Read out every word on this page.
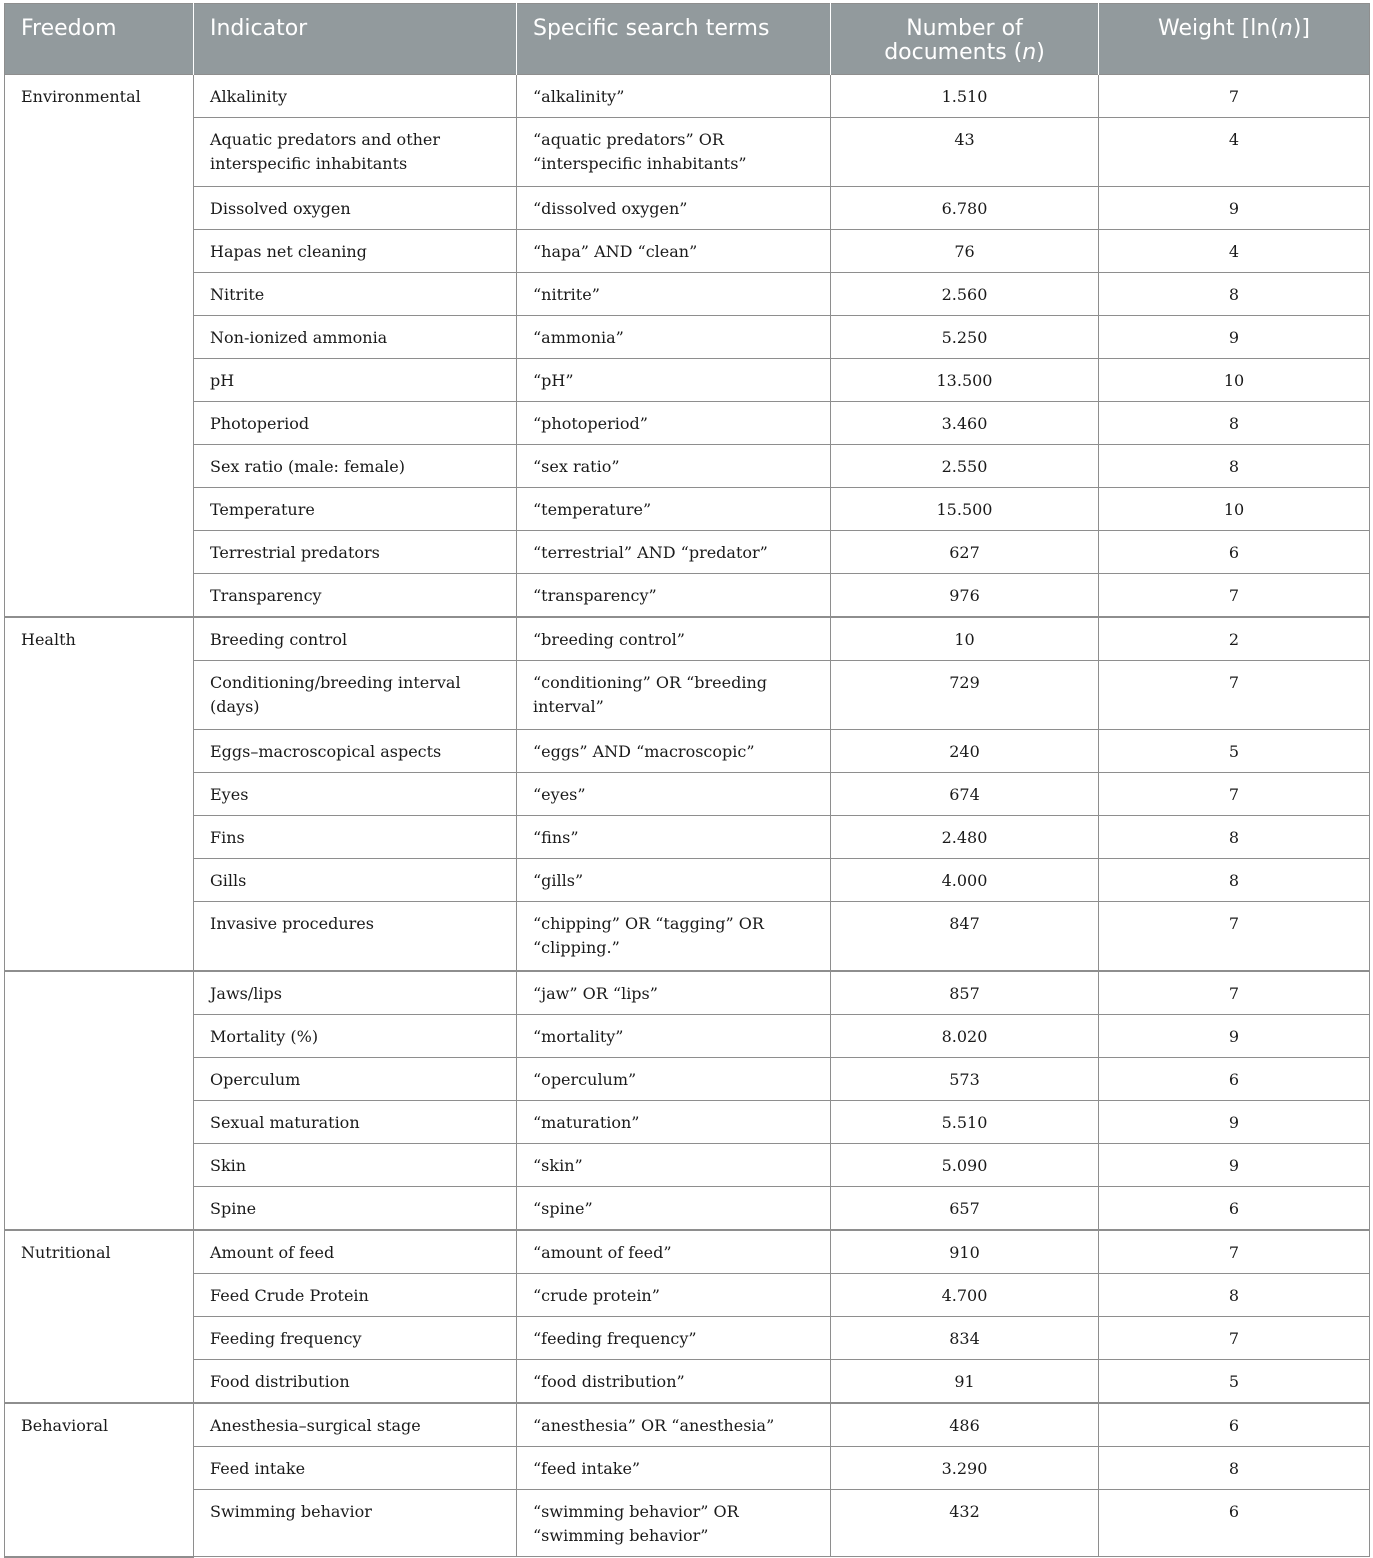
Freedom	Indicator	Specific search terms	Number of
documents (n)	Weight [ln(n)]

Environmental	Alkalinity	“alkalinity”	1.510	7
	Aquatic predators and other
interspecific inhabitants	“aquatic predators” OR
“interspecific inhabitants”	43	4
	Dissolved oxygen	“dissolved oxygen”	6.780	9
	Hapas net cleaning	“hapa” AND “clean”	76	4
	Nitrite	“nitrite”	2.560	8
	Non-ionized ammonia	“ammonia”	5.250	9
	pH	“pH”	13.500	10
	Photoperiod	“photoperiod”	3.460	8
	Sex ratio (male: female)	“sex ratio”	2.550	8
	Temperature	“temperature”	15.500	10
	Terrestrial predators	“terrestrial” AND “predator”	627	6
	Transparency	“transparency”	976	7
Health	Breeding control	“breeding control”	10	2
	Conditioning/breeding interval
(days)	“conditioning” OR “breeding
interval”	729	7
	Eggs–macroscopical aspects	“eggs” AND “macroscopic”	240	5
	Eyes	“eyes”	674	7
	Fins	“fins”	2.480	8
	Gills	“gills”	4.000	8
	Invasive procedures	“chipping” OR “tagging” OR
“clipping.”	847	7
	Jaws/lips	“jaw” OR “lips”	857	7
	Mortality (%)	“mortality”	8.020	9
	Operculum	“operculum”	573	6
	Sexual maturation	“maturation”	5.510	9
	Skin	“skin”	5.090	9
	Spine	“spine”	657	6
Nutritional	Amount of feed	“amount of feed”	910	7
	Feed Crude Protein	“crude protein”	4.700	8
	Feeding frequency	“feeding frequency”	834	7
	Food distribution	“food distribution”	91	5
Behavioral	Anesthesia–surgical stage	“anesthesia” OR “anesthesia”	486	6
	Feed intake	“feed intake”	3.290	8
	Swimming behavior	“swimming behavior” OR
“swimming behavior”	432	6
